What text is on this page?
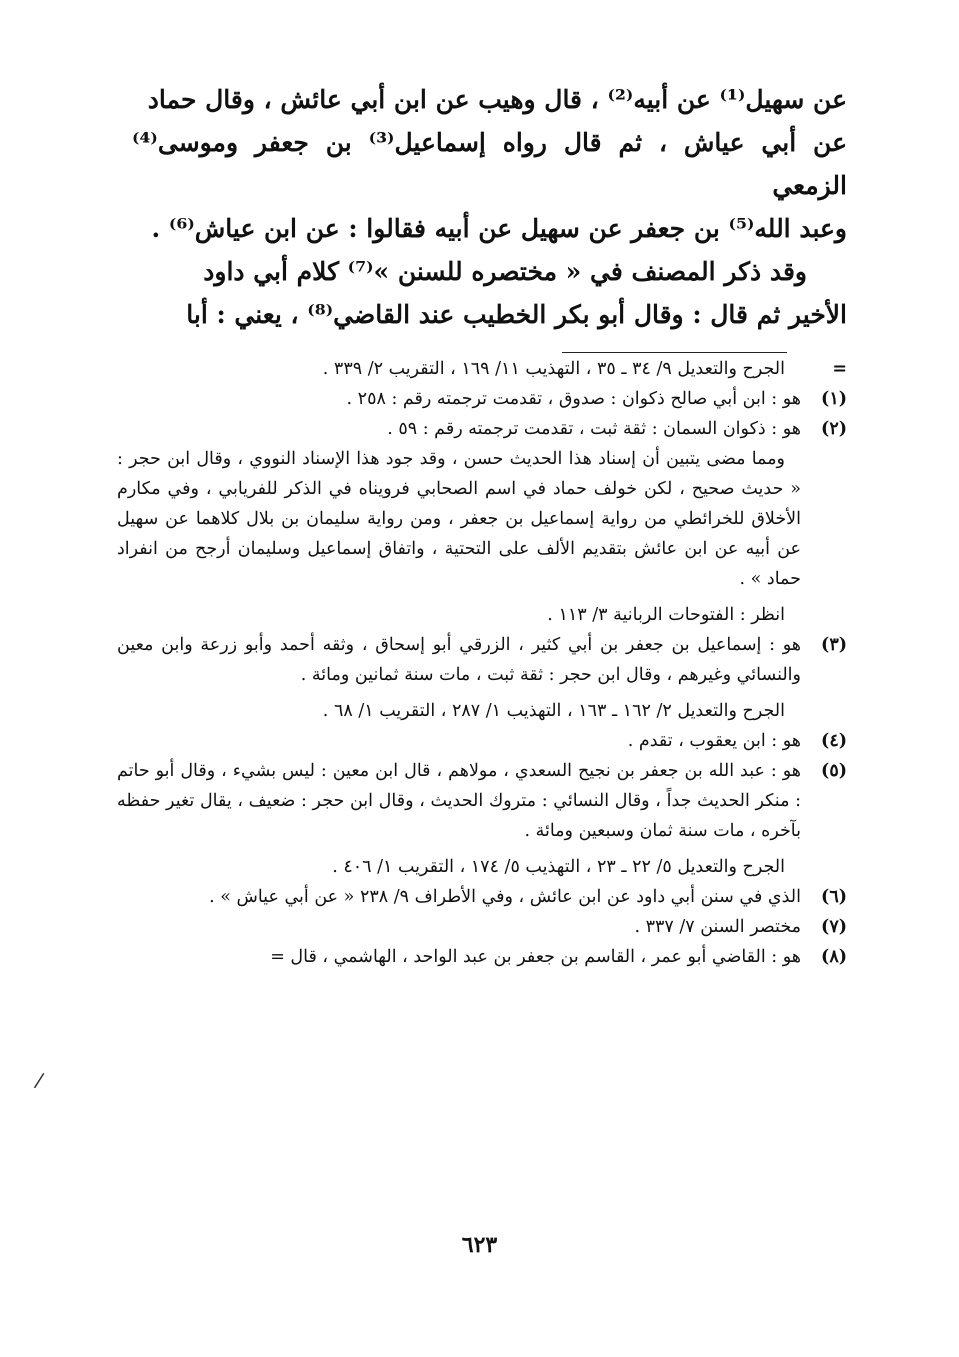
عن سهيل⁽¹⁾ عن أبيه⁽²⁾ ، قال وهيب عن ابن أبي عائش ، وقال حماد

عن أبي عياش ، ثم قال رواه إسماعيل⁽³⁾ بن جعفر وموسى⁽⁴⁾ الزمعي

وعبد الله⁽⁵⁾ بن جعفر عن سهيل عن أبيه فقالوا : عن ابن عياش⁽⁶⁾ .

وقد ذكر المصنف في « مختصره للسنن »⁽⁷⁾ كلام أبي داود

الأخير ثم قال : وقال أبو بكر الخطيب عند القاضي⁽⁸⁾ ، يعني : أبا

=
الجرح والتعديل ٩/ ٣٤ ـ ٣٥ ، التهذيب ١١/ ١٦٩ ، التقريب ٢/ ٣٣٩ .
(١)
هو : ابن أبي صالح ذكوان : صدوق ، تقدمت ترجمته رقم : ٢٥٨ .
(٢)
هو : ذكوان السمان : ثقة ثبت ، تقدمت ترجمته رقم : ٥٩ .

ومما مضى يتبين أن إسناد هذا الحديث حسن ، وقد جود هذا الإسناد النووي ، وقال ابن حجر : « حديث صحيح ، لكن خولف حماد في اسم الصحابي فرويناه في الذكر للفريابي ، وفي مكارم الأخلاق للخرائطي من رواية إسماعيل بن جعفر ، ومن رواية سليمان بن بلال كلاهما عن سهيل عن أبيه عن ابن عائش بتقديم الألف على التحتية ، واتفاق إسماعيل وسليمان أرجح من انفراد حماد » .

انظر : الفتوحات الربانية ٣/ ١١٣ .

(٣)
هو : إسماعيل بن جعفر بن أبي كثير ، الزرقي أبو إسحاق ، وثقه أحمد وأبو زرعة وابن معين والنسائي وغيرهم ، وقال ابن حجر : ثقة ثبت ، مات سنة ثمانين ومائة .

الجرح والتعديل ٢/ ١٦٢ ـ ١٦٣ ، التهذيب ١/ ٢٨٧ ، التقريب ١/ ٦٨ .

(٤)
هو : ابن يعقوب ، تقدم .
(٥)
هو : عبد الله بن جعفر بن نجيح السعدي ، مولاهم ، قال ابن معين : ليس بشيء ، وقال أبو حاتم : منكر الحديث جداً ، وقال النسائي : متروك الحديث ، وقال ابن حجر : ضعيف ، يقال تغير حفظه بآخره ، مات سنة ثمان وسبعين ومائة .

الجرح والتعديل ٥/ ٢٢ ـ ٢٣ ، التهذيب ٥/ ١٧٤ ، التقريب ١/ ٤٠٦ .

(٦)
الذي في سنن أبي داود عن ابن عائش ، وفي الأطراف ٩/ ٢٣٨ « عن أبي عياش » .
(٧)
مختصر السنن ٧/ ٣٣٧ .
(٨)
هو : القاضي أبو عمر ، القاسم بن جعفر بن عبد الواحد ، الهاشمي ، قال =
/
٦٢٣
